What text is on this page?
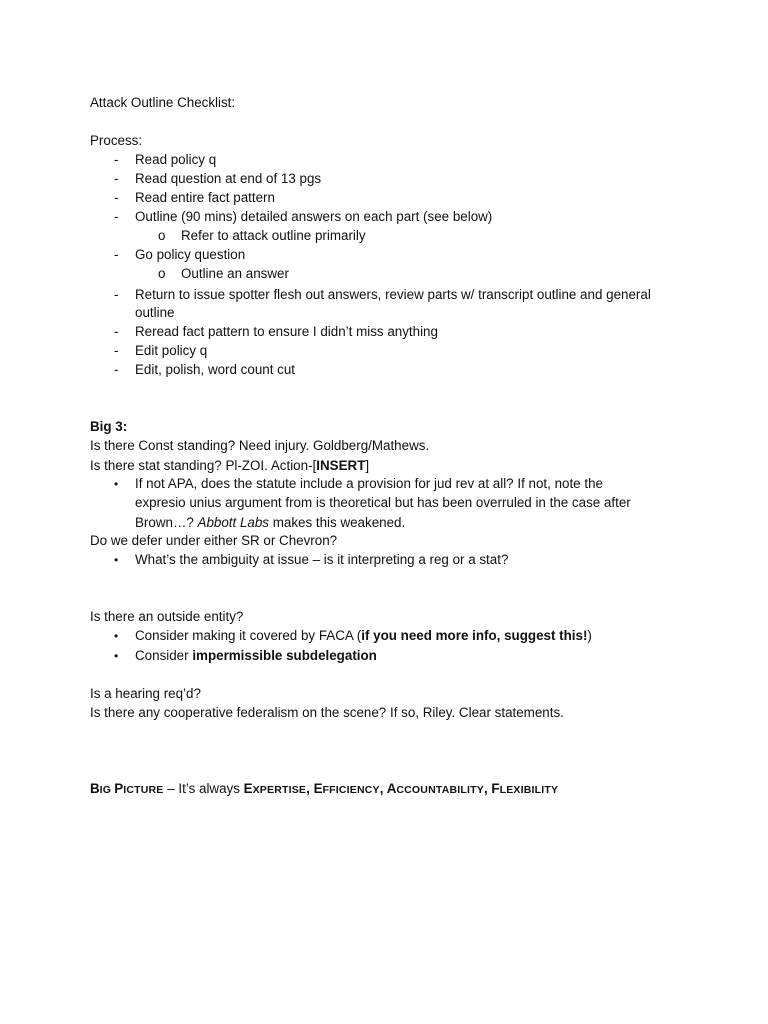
Attack Outline Checklist:
Process:
- Read policy q
- Read question at end of 13 pgs
- Read entire fact pattern
- Outline (90 mins) detailed answers on each part (see below)
o Refer to attack outline primarily
- Go policy question
o Outline an answer
- Return to issue spotter flesh out answers, review parts w/ transcript outline and general
outline
- Reread fact pattern to ensure I didn’t miss anything
- Edit policy q
- Edit, polish, word count cut
Big 3:
Is there Const standing? Need injury. Goldberg/Mathews.
Is there stat standing? Pl-ZOI. Action-[INSERT]
• If not APA, does the statute include a provision for jud rev at all? If not, note the
expresio unius argument from is theoretical but has been overruled in the case after
Brown…? Abbott Labs makes this weakened.
Do we defer under either SR or Chevron?
• What’s the ambiguity at issue – is it interpreting a reg or a stat?
Is there an outside entity?
• Consider making it covered by FACA (if you need more info, suggest this!)
• Consider impermissible subdelegation
Is a hearing req’d?
Is there any cooperative federalism on the scene? If so, Riley. Clear statements.
BIG PICTURE – It’s always EXPERTISE, EFFICIENCY, ACCOUNTABILITY, FLEXIBILITY
